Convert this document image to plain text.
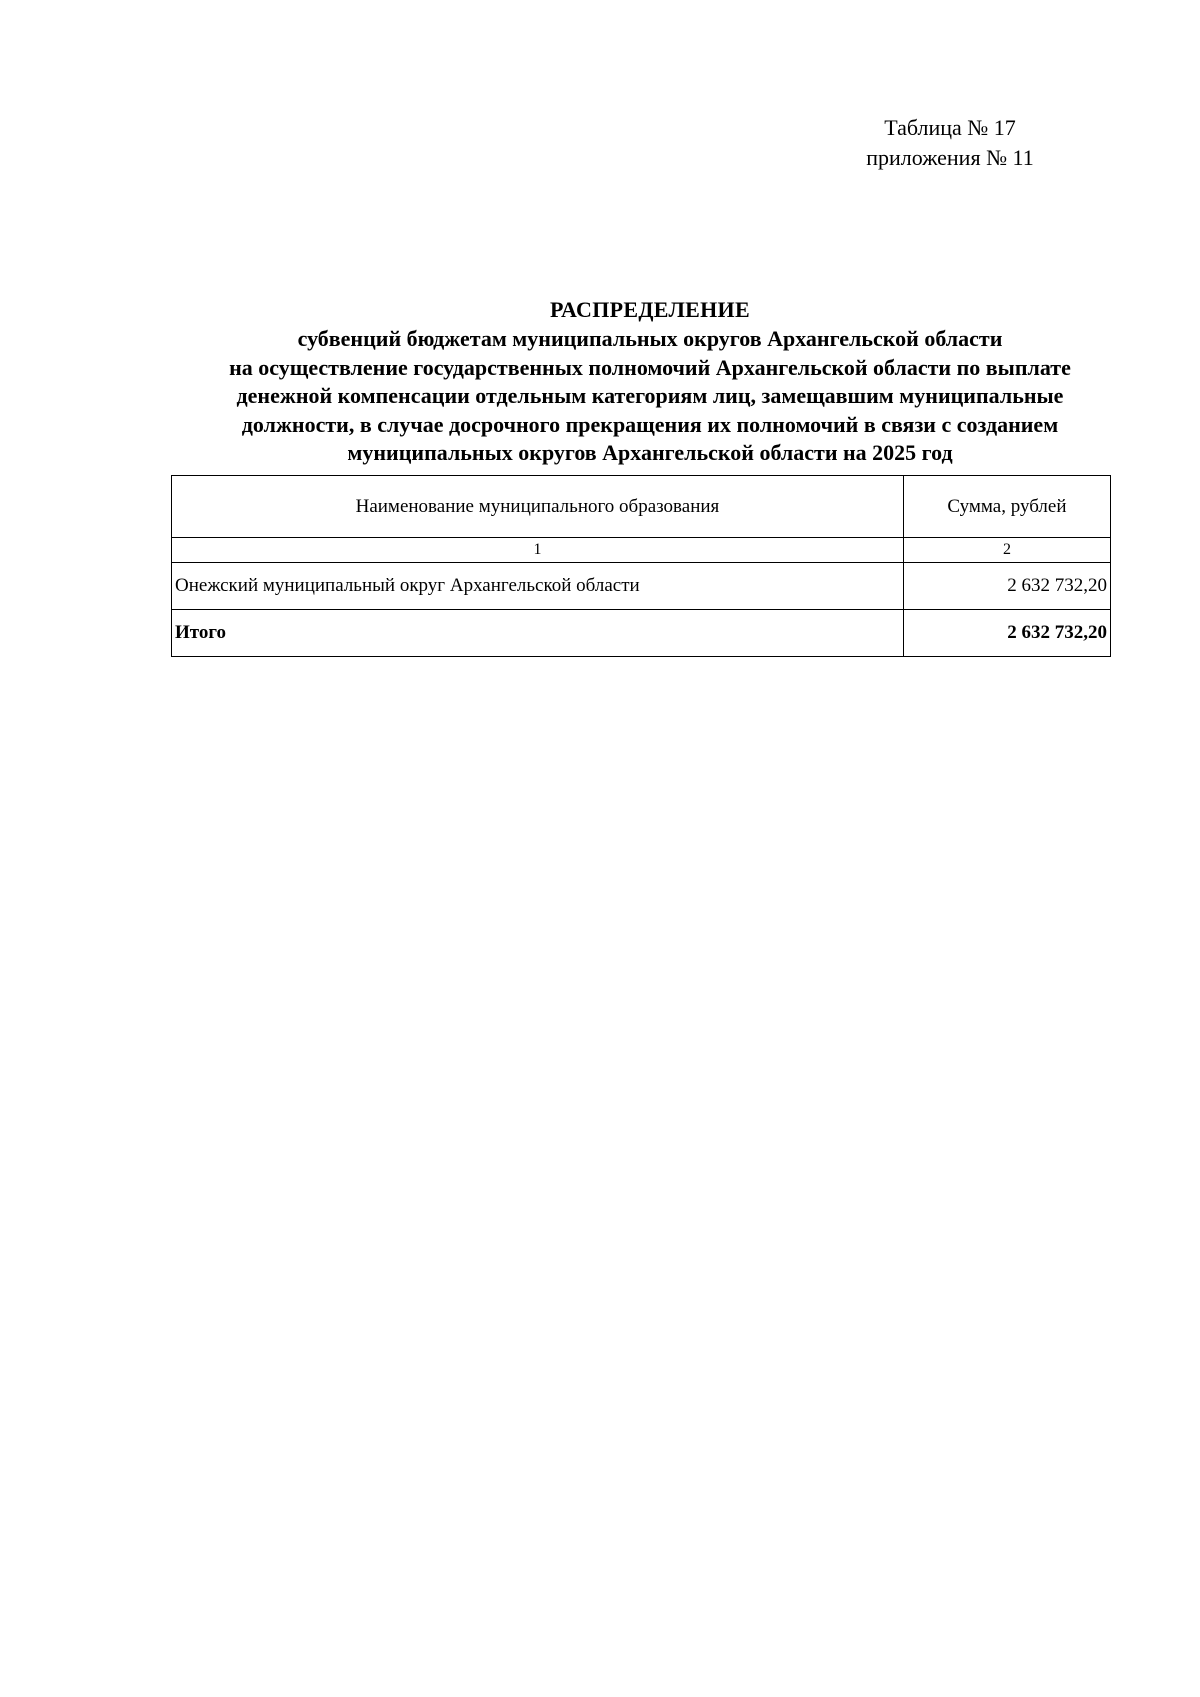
Таблица № 17
приложения № 11
РАСПРЕДЕЛЕНИЕ
субвенций бюджетам муниципальных округов Архангельской области
на осуществление государственных полномочий Архангельской области по выплате
денежной компенсации отдельным категориям лиц, замещавшим муниципальные
должности, в случае досрочного прекращения их полномочий в связи с созданием
муниципальных округов Архангельской области на 2025 год
Наименование муниципального образования	Сумма, рублей
1	2
Онежский муниципальный округ Архангельской области	2 632 732,20
Итого	2 632 732,20
